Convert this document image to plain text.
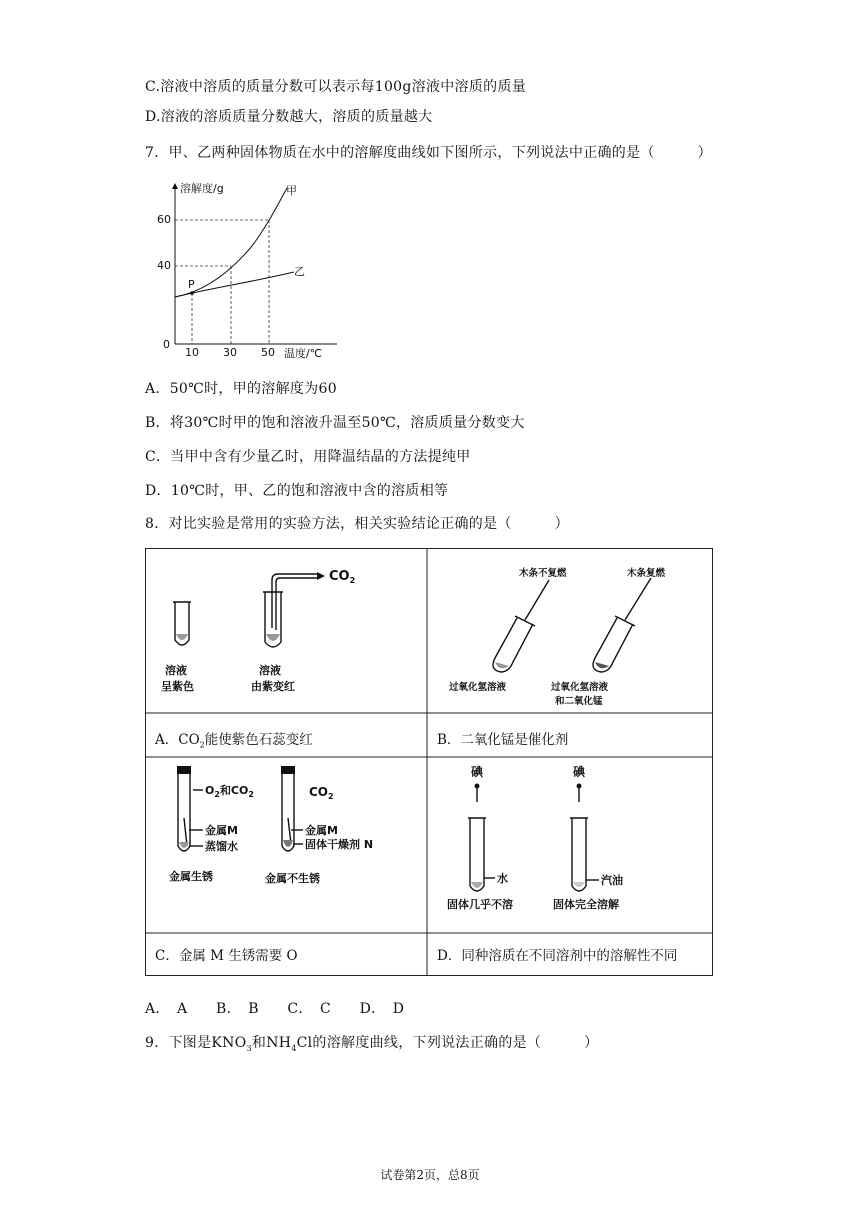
C.溶液中溶质的质量分数可以表示每100g溶液中溶质的质量
D.溶液的溶质质量分数越大，溶质的质量越大
7．甲、乙两种固体物质在水中的溶解度曲线如下图所示，下列说法中正确的是（　　　）
溶解度/g
温度/℃
0
40
60
10 30 50
P
甲
乙
A．50℃时，甲的溶解度为60
B．将30℃时甲的饱和溶液升温至50℃，溶质质量分数变大
C．当甲中含有少量乙时，用降温结晶的方法提纯甲
D．10℃时，甲、乙的饱和溶液中含的溶质相等
8．对比实验是常用的实验方法，相关实验结论正确的是（　　　）
$CO_2$
溶液
呈紫色
溶液
由紫变红
木条不复燃	木条复燃
过氧化氢溶液	过氧化氢溶液
和二氧化锰
A．$CO_2$能使紫色石蕊变红	B．二氧化锰是催化剂
$O_2$和$CO_2$	$CO_2$
金属M
蒸馏水
金属M
固体干燥剂 N
金属生锈	金属不生锈
碘	碘
水	汽油
固体几乎不溶	固体完全溶解
C．金属 M 生锈需要 O	D．同种溶质在不同溶剂中的溶解性不同
A．　A　　B．　B　　C．　C　　D．　D
9．下图是$KNO_3$和$NH_4Cl$的溶解度曲线，下列说法正确的是（　　　）
试卷第2页，总8页
